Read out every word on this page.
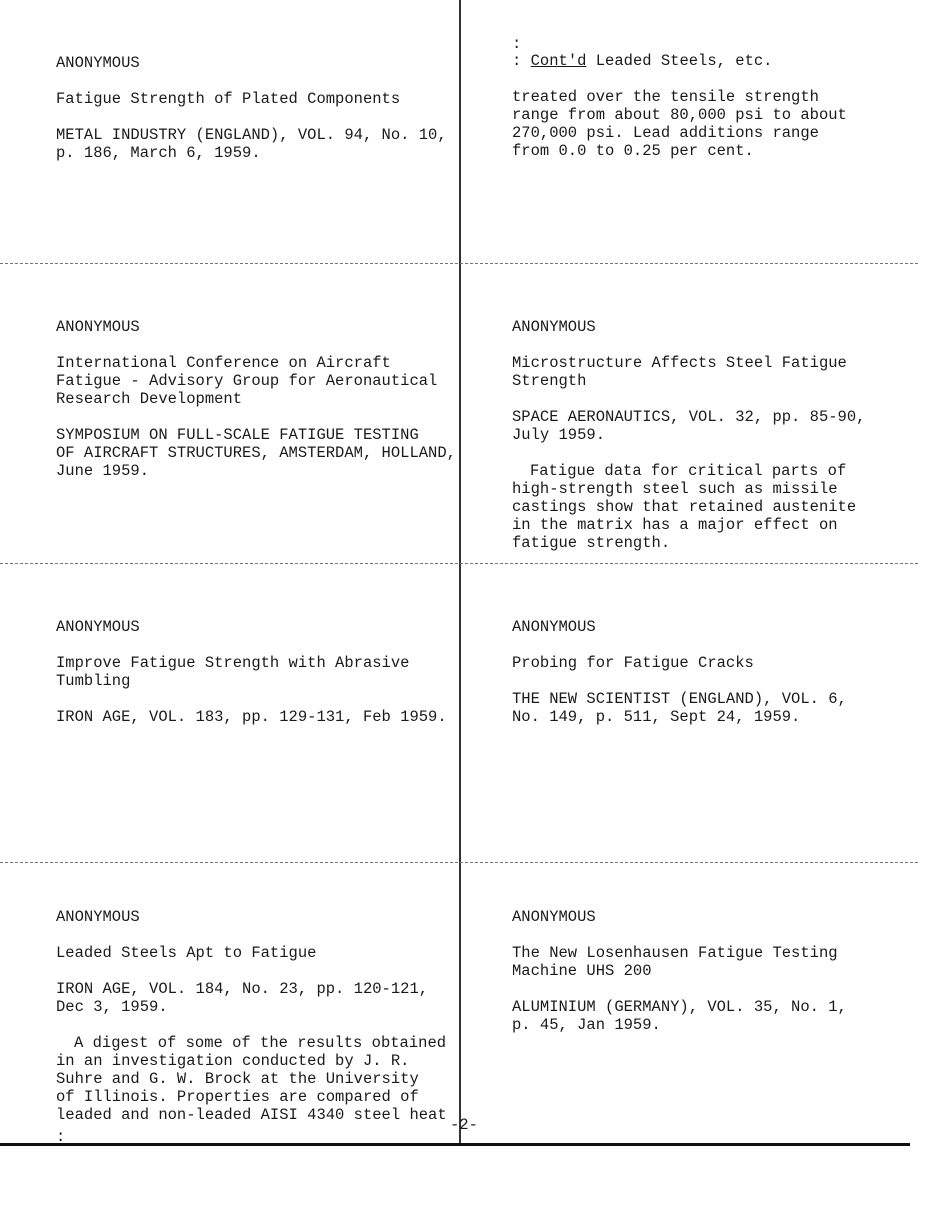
ANONYMOUS

Fatigue Strength of Plated Components

METAL INDUSTRY (ENGLAND), VOL. 94, No. 10,
p. 186, March 6, 1959.

:

: Cont'd Leaded Steels, etc.

treated over the tensile strength
range from about 80,000 psi to about
270,000 psi. Lead additions range
from 0.0 to 0.25 per cent.

ANONYMOUS

International Conference on Aircraft
Fatigue - Advisory Group for Aeronautical
Research Development

SYMPOSIUM ON FULL-SCALE FATIGUE TESTING
OF AIRCRAFT STRUCTURES, AMSTERDAM, HOLLAND,
June 1959.

ANONYMOUS

Microstructure Affects Steel Fatigue
Strength

SPACE AERONAUTICS, VOL. 32, pp. 85-90,
July 1959.

Fatigue data for critical parts of
high-strength steel such as missile
castings show that retained austenite
in the matrix has a major effect on
fatigue strength.

ANONYMOUS

Improve Fatigue Strength with Abrasive
Tumbling

IRON AGE, VOL. 183, pp. 129-131, Feb 1959.

ANONYMOUS

Probing for Fatigue Cracks

THE NEW SCIENTIST (ENGLAND), VOL. 6,
No. 149, p. 511, Sept 24, 1959.

ANONYMOUS

Leaded Steels Apt to Fatigue

IRON AGE, VOL. 184, No. 23, pp. 120-121,
Dec 3, 1959.

A digest of some of the results obtained
in an investigation conducted by J. R.
Suhre and G. W. Brock at the University
of Illinois. Properties are compared of
leaded and non-leaded AISI 4340 steel heat

:

ANONYMOUS

The New Losenhausen Fatigue Testing
Machine UHS 200

ALUMINIUM (GERMANY), VOL. 35, No. 1,
p. 45, Jan 1959.

-2-
